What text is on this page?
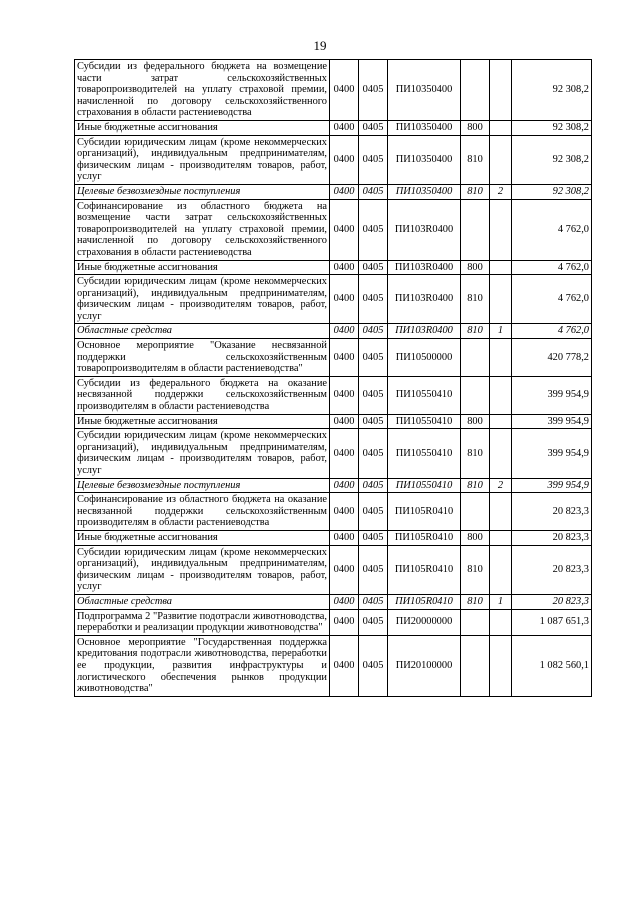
19
Субсидии из федерального бюджета на возмещение части затрат сельскохозяйственных товаропроизводителей на уплату страховой премии, начисленной по договору сельскохозяйственного страхования в области растениеводства	0400	0405	ПИ10350400			92 308,2
Иные бюджетные ассигнования	0400	0405	ПИ10350400	800		92 308,2
Субсидии юридическим лицам (кроме некоммерческих организаций), индивидуальным предпринимателям, физическим лицам - производителям товаров, работ, услуг	0400	0405	ПИ10350400	810		92 308,2
Целевые безвозмездные поступления	0400	0405	ПИ10350400	810	2	92 308,2
Софинансирование из областного бюджета на возмещение части затрат сельскохозяйственных товаропроизводителей на уплату страховой премии, начисленной по договору сельскохозяйственного страхования в области растениеводства	0400	0405	ПИ103R0400			4 762,0
Иные бюджетные ассигнования	0400	0405	ПИ103R0400	800		4 762,0
Субсидии юридическим лицам (кроме некоммерческих организаций), индивидуальным предпринимателям, физическим лицам - производителям товаров, работ, услуг	0400	0405	ПИ103R0400	810		4 762,0
Областные средства	0400	0405	ПИ103R0400	810	1	4 762,0
Основное мероприятие "Оказание несвязанной поддержки сельскохозяйственным товаропроизводителям в области растениеводства"	0400	0405	ПИ10500000			420 778,2
Субсидии из федерального бюджета на оказание несвязанной поддержки сельскохозяйственным производителям в области растениеводства	0400	0405	ПИ10550410			399 954,9
Иные бюджетные ассигнования	0400	0405	ПИ10550410	800		399 954,9
Субсидии юридическим лицам (кроме некоммерческих организаций), индивидуальным предпринимателям, физическим лицам - производителям товаров, работ, услуг	0400	0405	ПИ10550410	810		399 954,9
Целевые безвозмездные поступления	0400	0405	ПИ10550410	810	2	399 954,9
Софинансирование из областного бюджета на оказание несвязанной поддержки сельскохозяйственным производителям в области растениеводства	0400	0405	ПИ105R0410			20 823,3
Иные бюджетные ассигнования	0400	0405	ПИ105R0410	800		20 823,3
Субсидии юридическим лицам (кроме некоммерческих организаций), индивидуальным предпринимателям, физическим лицам - производителям товаров, работ, услуг	0400	0405	ПИ105R0410	810		20 823,3
Областные средства	0400	0405	ПИ105R0410	810	1	20 823,3
Подпрограмма 2 "Развитие подотрасли животноводства, переработки и реализации продукции животноводства"	0400	0405	ПИ20000000			1 087 651,3
Основное мероприятие "Государственная поддержка кредитования подотрасли животноводства, переработки ее продукции, развития инфраструктуры и логистического обеспечения рынков продукции животноводства"	0400	0405	ПИ20100000			1 082 560,1
